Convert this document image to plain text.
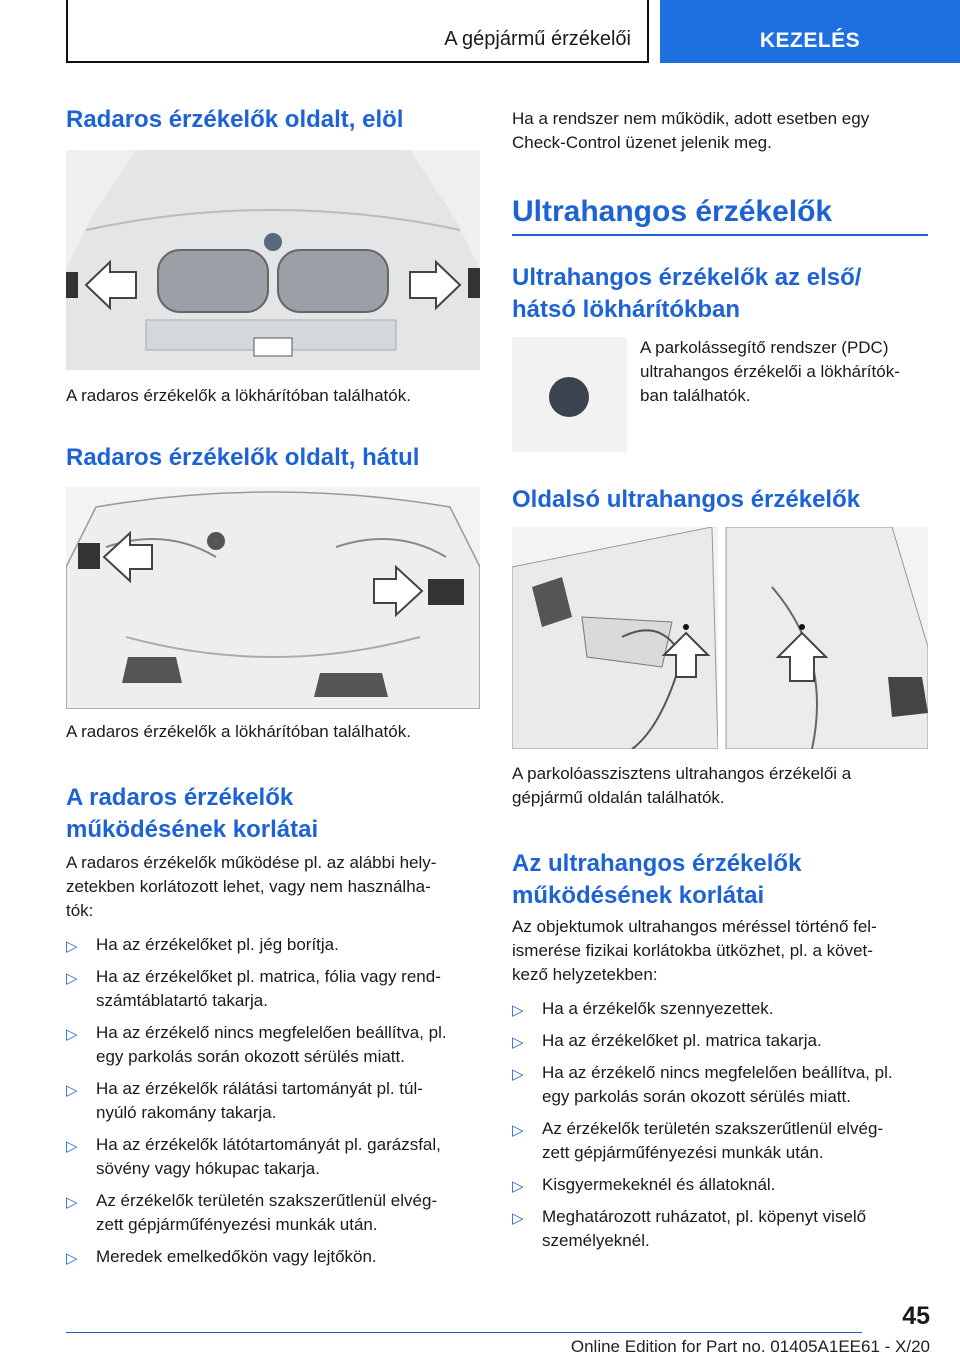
A gépjármű érzékelői	KEZELÉS
Radaros érzékelők oldalt, elöl

A radaros érzékelők a lökhárítóban találhatók.

Radaros érzékelők oldalt, hátul

A radaros érzékelők a lökhárítóban találhatók.

A radaros érzékelők
működésének korlátai

A radaros érzékelők működése pl. az alábbi hely-

zetekben korlátozott lehet, vagy nem használha-

tók:

▷ Ha az érzékelőket pl. jég borítja.
▷ Ha az érzékelőket pl. matrica, fólia vagy rend-
számtáblatartó takarja.
▷ Ha az érzékelő nincs megfelelően beállítva, pl.
egy parkolás során okozott sérülés miatt.
▷ Ha az érzékelők rálátási tartományát pl. túl-
nyúló rakomány takarja.
▷ Ha az érzékelők látótartományát pl. garázsfal,
sövény vagy hókupac takarja.
▷ Az érzékelők területén szakszerűtlenül elvég-
zett gépjárműfényezési munkák után.
▷ Meredek emelkedőkön vagy lejtőkön.

Ha a rendszer nem működik, adott esetben egy

Check-Control üzenet jelenik meg.

Ultrahangos érzékelők
Ultrahangos érzékelők az első/
hátsó lökhárítókban

A parkolássegítő rendszer (PDC)

ultrahangos érzékelői a lökhárítók-

ban találhatók.

Oldalsó ultrahangos érzékelők

A parkolóasszisztens ultrahangos érzékelői a

gépjármű oldalán találhatók.

Az ultrahangos érzékelők
működésének korlátai

Az objektumok ultrahangos méréssel történő fel-

ismerése fizikai korlátokba ütközhet, pl. a követ-

kező helyzetekben:

▷ Ha a érzékelők szennyezettek.
▷ Ha az érzékelőket pl. matrica takarja.
▷ Ha az érzékelő nincs megfelelően beállítva, pl.
egy parkolás során okozott sérülés miatt.
▷ Az érzékelők területén szakszerűtlenül elvég-
zett gépjárműfényezési munkák után.
▷ Kisgyermekeknél és állatoknál.
▷ Meghatározott ruházatot, pl. köpenyt viselő
személyeknél.
45
Online Edition for Part no. 01405A1EE61 - X/20
